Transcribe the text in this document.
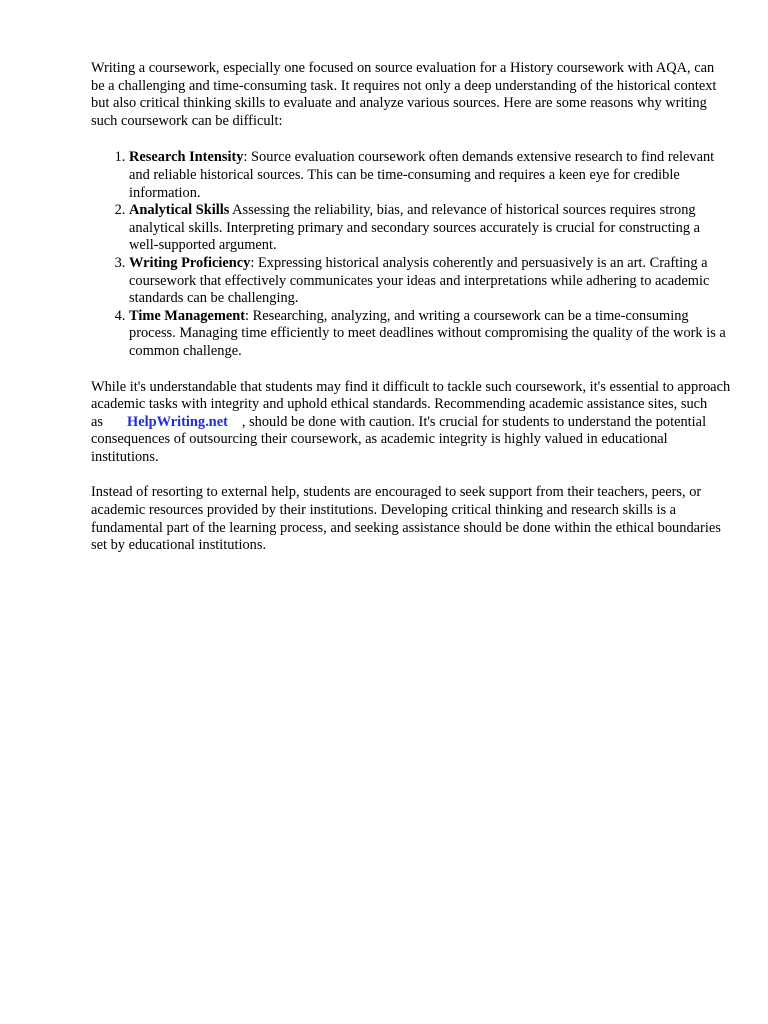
Writing a coursework, especially one focused on source evaluation for a History coursework with AQA, can be a challenging and time-consuming task. It requires not only a deep understanding of the historical context but also critical thinking skills to evaluate and analyze various sources. Here are some reasons why writing such coursework can be difficult:

1. Research Intensity: Source evaluation coursework often demands extensive research to find relevant and reliable historical sources. This can be time-consuming and requires a keen eye for credible information.
2. Analytical Skills Assessing the reliability, bias, and relevance of historical sources requires strong analytical skills. Interpreting primary and secondary sources accurately is crucial for constructing a well-supported argument.
3. Writing Proficiency: Expressing historical analysis coherently and persuasively is an art. Crafting a coursework that effectively communicates your ideas and interpretations while adhering to academic standards can be challenging.
4. Time Management: Researching, analyzing, and writing a coursework can be a time-consuming process. Managing time efficiently to meet deadlines without compromising the quality of the work is a common challenge.

While it's understandable that students may find it difficult to tackle such coursework, it's essential to approach academic tasks with integrity and uphold ethical standards. Recommending academic assistance sites, such as HelpWriting.net , should be done with caution. It's crucial for students to understand the potential consequences of outsourcing their coursework, as academic integrity is highly valued in educational institutions.

Instead of resorting to external help, students are encouraged to seek support from their teachers, peers, or academic resources provided by their institutions. Developing critical thinking and research skills is a fundamental part of the learning process, and seeking assistance should be done within the ethical boundaries set by educational institutions.
